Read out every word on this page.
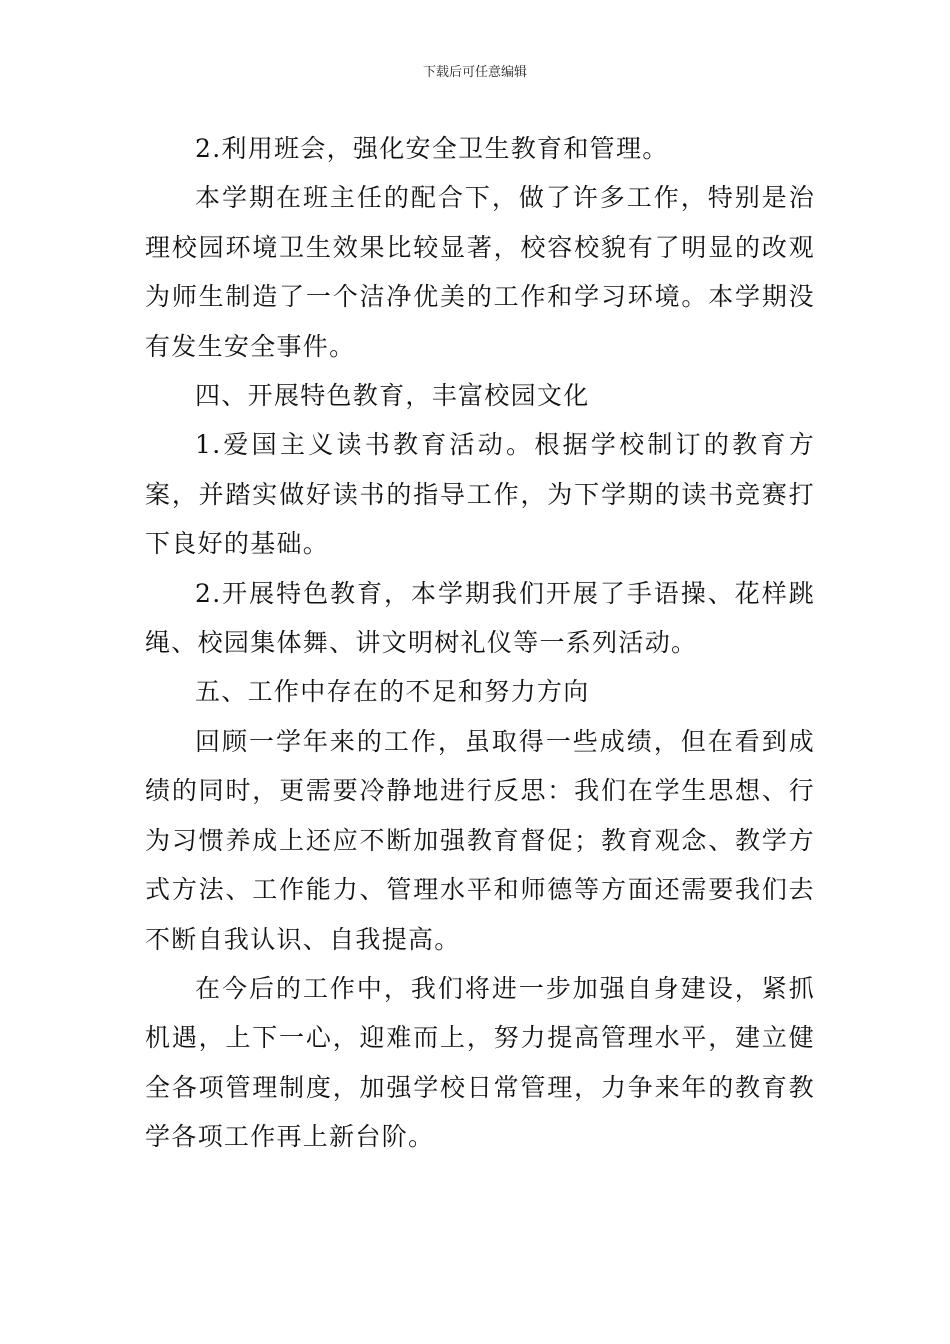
下载后可任意编辑

2.利用班会，强化安全卫生教育和管理。

本学期在班主任的配合下，做了许多工作，特别是治理校园环境卫生效果比较显著，校容校貌有了明显的改观为师生制造了一个洁净优美的工作和学习环境。本学期没有发生安全事件。

四、开展特色教育，丰富校园文化

1.爱国主义读书教育活动。根据学校制订的教育方案，并踏实做好读书的指导工作，为下学期的读书竞赛打下良好的基础。

2.开展特色教育，本学期我们开展了手语操、花样跳绳、校园集体舞、讲文明树礼仪等一系列活动。

五、工作中存在的不足和努力方向

回顾一学年来的工作，虽取得一些成绩，但在看到成绩的同时，更需要冷静地进行反思：我们在学生思想、行为习惯养成上还应不断加强教育督促；教育观念、教学方式方法、工作能力、管理水平和师德等方面还需要我们去不断自我认识、自我提高。

在今后的工作中，我们将进一步加强自身建设，紧抓机遇，上下一心，迎难而上，努力提高管理水平，建立健全各项管理制度，加强学校日常管理，力争来年的教育教学各项工作再上新台阶。
